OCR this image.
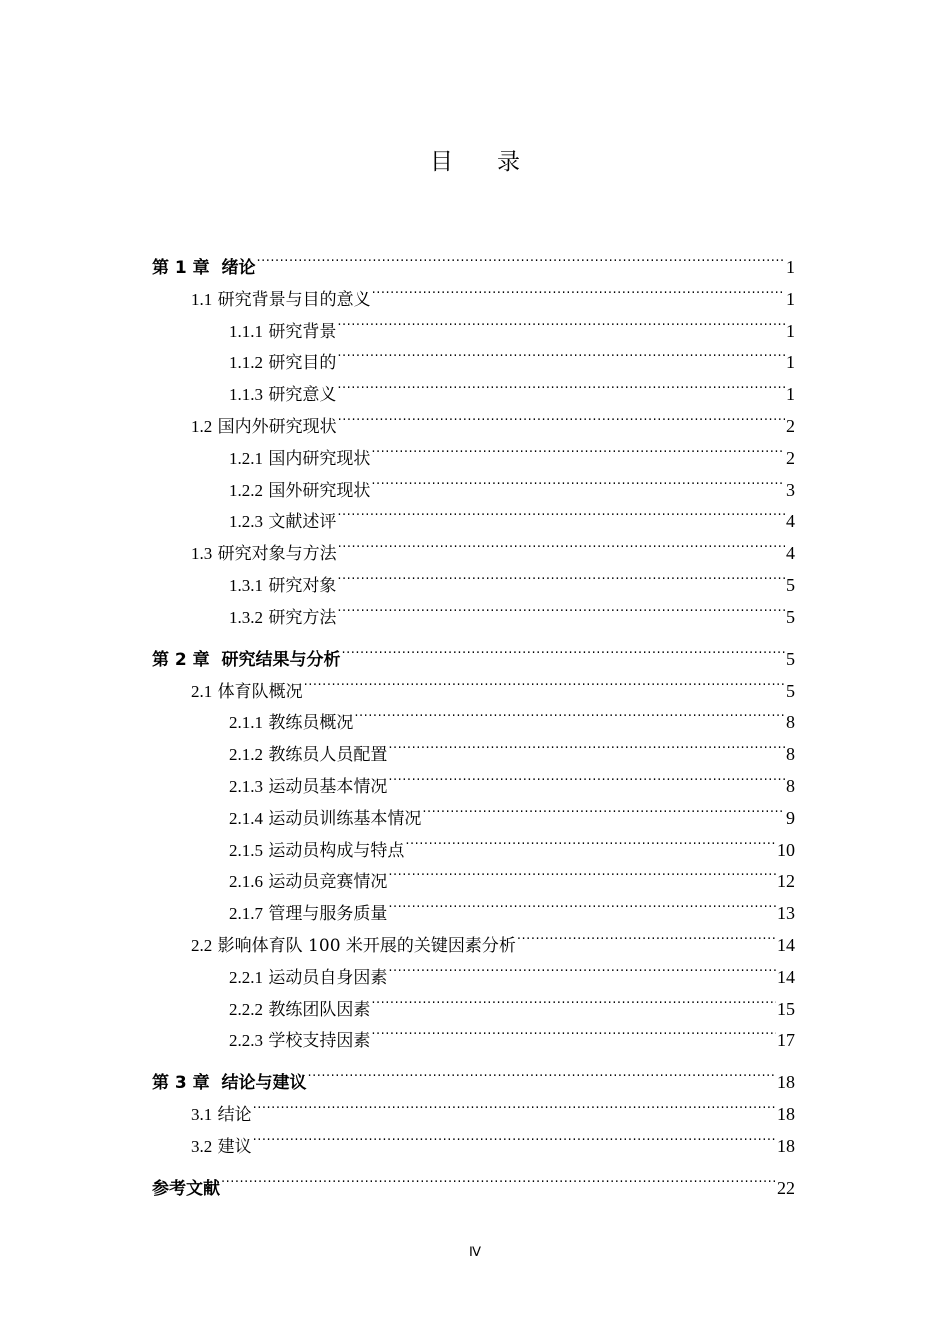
目 录
第 1 章 绪论 ·····	1
1.1 研究背景与目的意义 ·····	1
1.1.1 研究背景 ·····	1
1.1.2 研究目的 ·····	1
1.1.3 研究意义 ·····	1
1.2 国内外研究现状 ·····	2
1.2.1 国内研究现状 ·····	2
1.2.2 国外研究现状 ·····	3
1.2.3 文献述评 ·····	4
1.3 研究对象与方法 ·····	4
1.3.1 研究对象 ·····	5
1.3.2 研究方法 ·····	5
第 2 章 研究结果与分析 ·····	5
2.1 体育队概况 ·····	5
2.1.1 教练员概况 ·····	8
2.1.2 教练员人员配置 ·····	8
2.1.3 运动员基本情况 ·····	8
2.1.4 运动员训练基本情况 ·····	9
2.1.5 运动员构成与特点 ·····	10
2.1.6 运动员竞赛情况 ·····	12
2.1.7 管理与服务质量 ·····	13
2.2 影响体育队 100 米开展的关键因素分析 ·····	14
2.2.1 运动员自身因素 ·····	14
2.2.2 教练团队因素 ·····	15
2.2.3 学校支持因素 ·····	17
第 3 章 结论与建议 ·····	18
3.1 结论 ·····	18
3.2 建议 ·····	18
参考文献 ·····	22
Ⅳ
